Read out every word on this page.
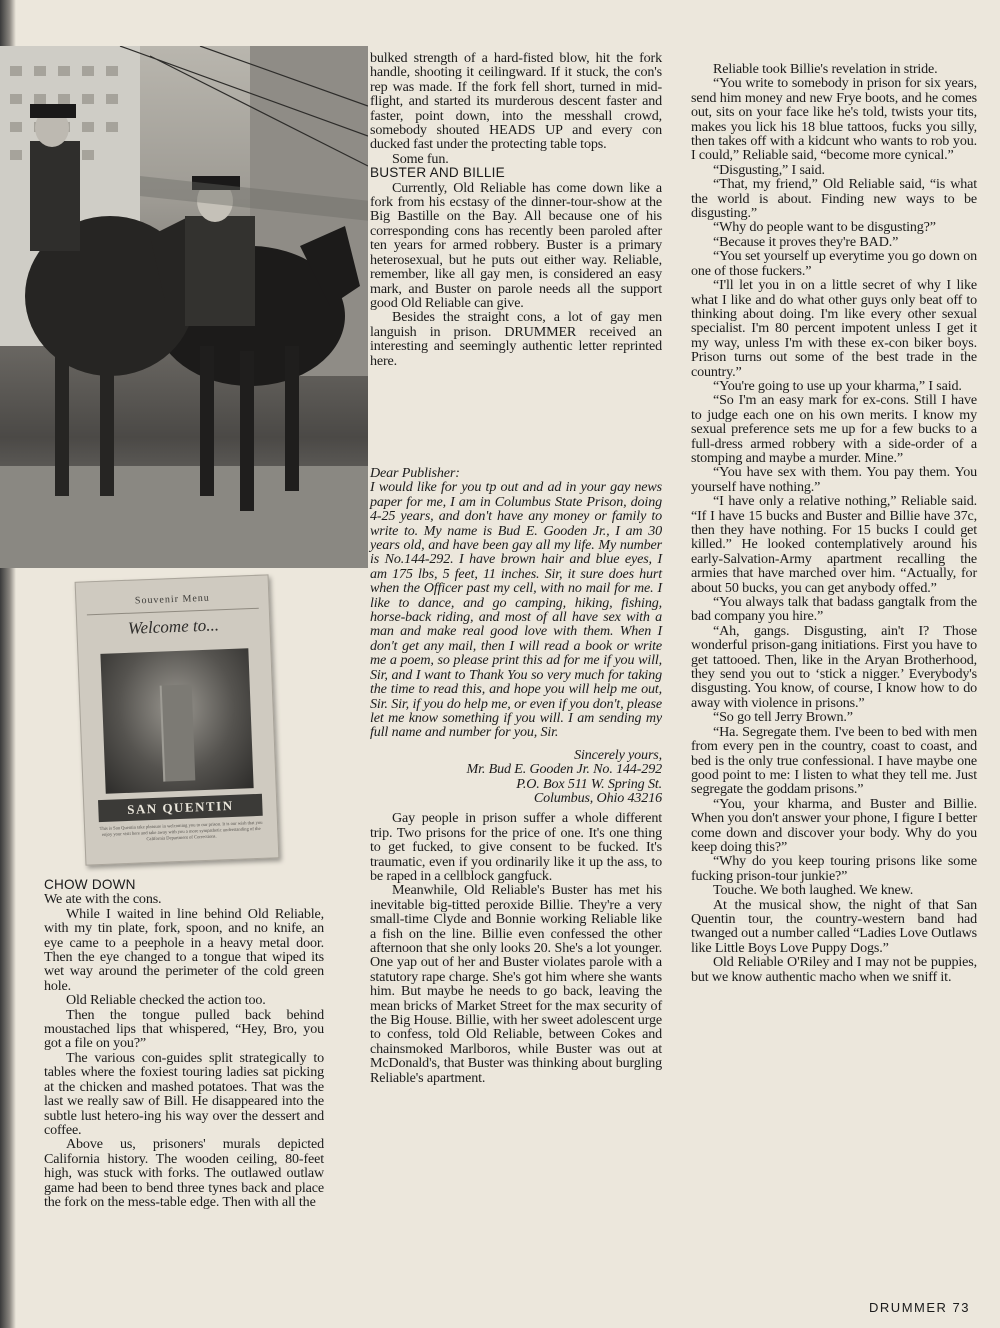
Souvenir Menu
Welcome to...
SAN QUENTIN
This is San Quentin take pleasure in welcoming you to our prison. It is our wish that you enjoy your visit here and take away with you a more sympathetic understanding of the California Department of Corrections.

CHOW DOWN

We ate with the cons.

While I waited in line behind Old Reliable, with my tin plate, fork, spoon, and no knife, an eye came to a peephole in a heavy metal door. Then the eye changed to a tongue that wiped its wet way around the perimeter of the cold green hole.

Old Reliable checked the action too.

Then the tongue pulled back behind moustached lips that whispered, “Hey, Bro, you got a file on you?”

The various con-guides split strategically to tables where the foxiest touring ladies sat picking at the chicken and mashed potatoes. That was the last we really saw of Bill. He disappeared into the subtle lust hetero-ing his way over the dessert and coffee.

Above us, prisoners' murals depicted California history. The wooden ceiling, 80-feet high, was stuck with forks. The outlawed outlaw game had been to bend three tynes back and place the fork on the mess-table edge. Then with all the

bulked strength of a hard-fisted blow, hit the fork handle, shooting it ceilingward. If it stuck, the con's rep was made. If the fork fell short, turned in mid-flight, and started its murderous descent faster and faster, point down, into the messhall crowd, somebody shouted HEADS UP and every con ducked fast under the protecting table tops.

Some fun.

BUSTER AND BILLIE

Currently, Old Reliable has come down like a fork from his ecstasy of the dinner-tour-show at the Big Bastille on the Bay. All because one of his corresponding cons has recently been paroled after ten years for armed robbery. Buster is a primary heterosexual, but he puts out either way. Reliable, remember, like all gay men, is considered an easy mark, and Buster on parole needs all the support good Old Reliable can give.

Besides the straight cons, a lot of gay men languish in prison. DRUMMER received an interesting and seemingly authentic letter reprinted here.

Dear Publisher:

I would like for you tp out and ad in your gay news paper for me, I am in Columbus State Prison, doing 4-25 years, and don't have any money or family to write to. My name is Bud E. Gooden Jr., I am 30 years old, and have been gay all my life. My number is No.144-292. I have brown hair and blue eyes, I am 175 lbs, 5 feet, 11 inches. Sir, it sure does hurt when the Officer past my cell, with no mail for me. I like to dance, and go camping, hiking, fishing, horse-back riding, and most of all have sex with a man and make real good love with them. When I don't get any mail, then I will read a book or write me a poem, so please print this ad for me if you will, Sir, and I want to Thank You so very much for taking the time to read this, and hope you will help me out, Sir. Sir, if you do help me, or even if you don't, please let me know something if you will. I am sending my full name and number for you, Sir.

Sincerely yours,

Mr. Bud E. Gooden Jr. No. 144-292

P.O. Box 511 W. Spring St.

Columbus, Ohio 43216

Gay people in prison suffer a whole different trip. Two prisons for the price of one. It's one thing to get fucked, to give consent to be fucked. It's traumatic, even if you ordinarily like it up the ass, to be raped in a cellblock gangfuck.

Meanwhile, Old Reliable's Buster has met his inevitable big-titted peroxide Billie. They're a very small-time Clyde and Bonnie working Reliable like a fish on the line. Billie even confessed the other afternoon that she only looks 20. She's a lot younger. One yap out of her and Buster violates parole with a statutory rape charge. She's got him where she wants him. But maybe he needs to go back, leaving the mean bricks of Market Street for the max security of the Big House. Billie, with her sweet adolescent urge to confess, told Old Reliable, between Cokes and chainsmoked Marlboros, while Buster was out at McDonald's, that Buster was thinking about burgling Reliable's apartment.

Reliable took Billie's revelation in stride.

“You write to somebody in prison for six years, send him money and new Frye boots, and he comes out, sits on your face like he's told, twists your tits, makes you lick his 18 blue tattoos, fucks you silly, then takes off with a kidcunt who wants to rob you. I could,” Reliable said, “become more cynical.”

“Disgusting,” I said.

“That, my friend,” Old Reliable said, “is what the world is about. Finding new ways to be disgusting.”

“Why do people want to be disgusting?”

“Because it proves they're BAD.”

“You set yourself up everytime you go down on one of those fuckers.”

“I'll let you in on a little secret of why I like what I like and do what other guys only beat off to thinking about doing. I'm like every other sexual specialist. I'm 80 percent impotent unless I get it my way, unless I'm with these ex-con biker boys. Prison turns out some of the best trade in the country.”

“You're going to use up your kharma,” I said.

“So I'm an easy mark for ex-cons. Still I have to judge each one on his own merits. I know my sexual preference sets me up for a few bucks to a full-dress armed robbery with a side-order of a stomping and maybe a murder. Mine.”

“You have sex with them. You pay them. You yourself have nothing.”

“I have only a relative nothing,” Reliable said. “If I have 15 bucks and Buster and Billie have 37c, then they have nothing. For 15 bucks I could get killed.” He looked contemplatively around his early-Salvation-Army apartment recalling the armies that have marched over him. “Actually, for about 50 bucks, you can get anybody offed.”

“You always talk that badass gangtalk from the bad company you hire.”

“Ah, gangs. Disgusting, ain't I? Those wonderful prison-gang initiations. First you have to get tattooed. Then, like in the Aryan Brotherhood, they send you out to ‘stick a nigger.’ Everybody's disgusting. You know, of course, I know how to do away with violence in prisons.”

“So go tell Jerry Brown.”

“Ha. Segregate them. I've been to bed with men from every pen in the country, coast to coast, and bed is the only true confessional. I have maybe one good point to me: I listen to what they tell me. Just segregate the goddam prisons.”

“You, your kharma, and Buster and Billie. When you don't answer your phone, I figure I better come down and discover your body. Why do you keep doing this?”

“Why do you keep touring prisons like some fucking prison-tour junkie?”

Touche. We both laughed. We knew.

At the musical show, the night of that San Quentin tour, the country-western band had twanged out a number called “Ladies Love Outlaws like Little Boys Love Puppy Dogs.”

Old Reliable O'Riley and I may not be puppies, but we know authentic macho when we sniff it.

DRUMMER 73
